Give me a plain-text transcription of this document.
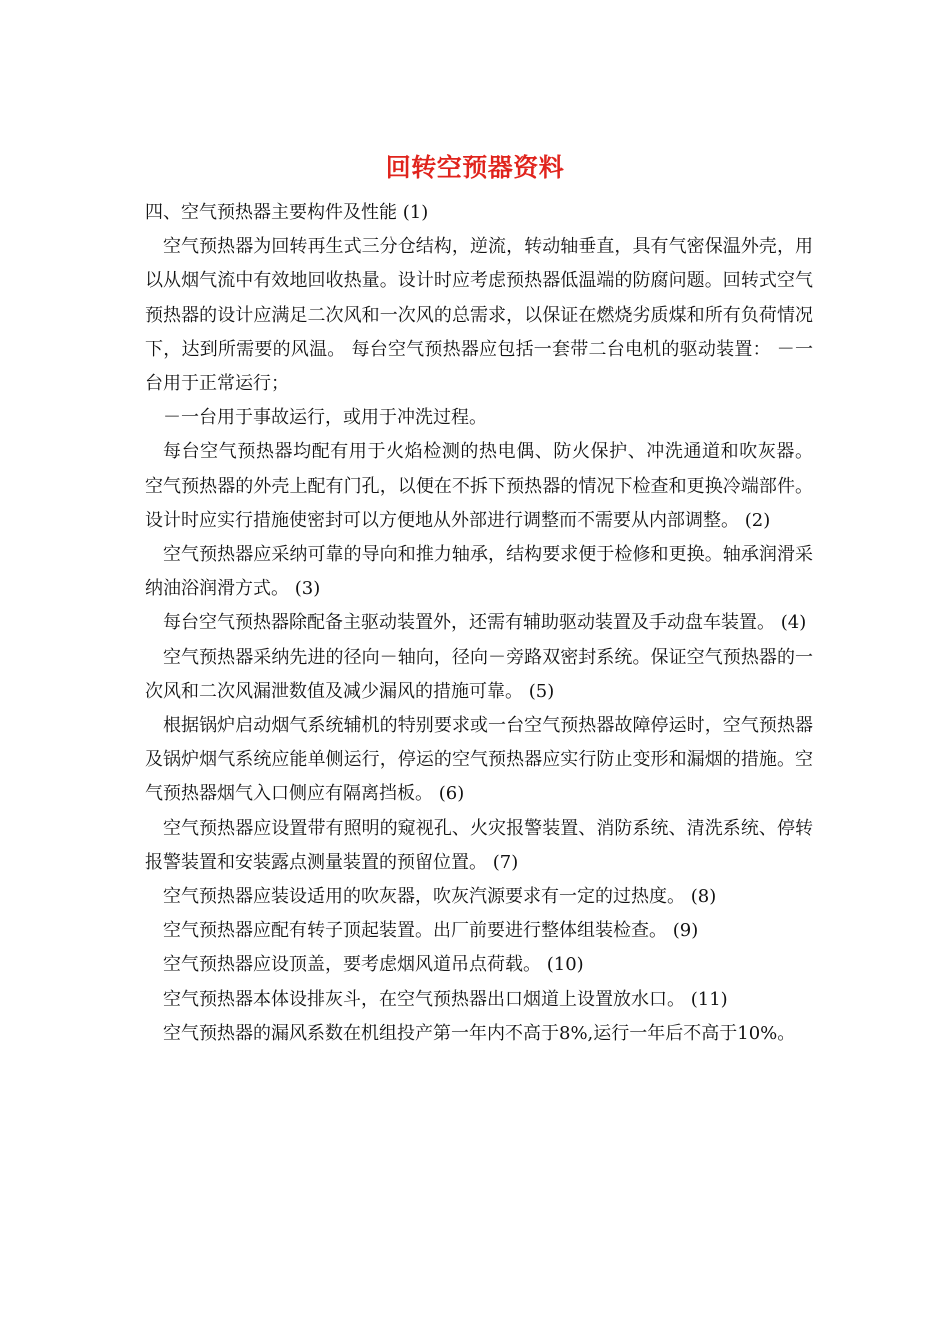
回转空预器资料

四、空气预热器主要构件及性能 (1)

空气预热器为回转再生式三分仓结构，逆流，转动轴垂直，具有气密保温外壳，用以从烟气流中有效地回收热量。设计时应考虑预热器低温端的防腐问题。回转式空气预热器的设计应满足二次风和一次风的总需求，以保证在燃烧劣质煤和所有负荷情况下，达到所需要的风温。 每台空气预热器应包括一套带二台电机的驱动装置： －一台用于正常运行；

－一台用于事故运行，或用于冲洗过程。

每台空气预热器均配有用于火焰检测的热电偶、防火保护、冲洗通道和吹灰器。 空气预热器的外壳上配有门孔，以便在不拆下预热器的情况下检查和更换冷端部件。 设计时应实行措施使密封可以方便地从外部进行调整而不需要从内部调整。 (2)

空气预热器应采纳可靠的导向和推力轴承，结构要求便于检修和更换。轴承润滑采纳油浴润滑方式。 (3)

每台空气预热器除配备主驱动装置外，还需有辅助驱动装置及手动盘车装置。 (4)

空气预热器采纳先进的径向－轴向，径向－旁路双密封系统。保证空气预热器的一次风和二次风漏泄数值及减少漏风的措施可靠。 (5)

根据锅炉启动烟气系统辅机的特别要求或一台空气预热器故障停运时，空气预热器及锅炉烟气系统应能单侧运行，停运的空气预热器应实行防止变形和漏烟的措施。空气预热器烟气入口侧应有隔离挡板。 (6)

空气预热器应设置带有照明的窥视孔、火灾报警装置、消防系统、清洗系统、停转报警装置和安装露点测量装置的预留位置。 (7)

空气预热器应装设适用的吹灰器，吹灰汽源要求有一定的过热度。 (8)

空气预热器应配有转子顶起装置。出厂前要进行整体组装检查。 (9)

空气预热器应设顶盖，要考虑烟风道吊点荷载。 (10)

空气预热器本体设排灰斗，在空气预热器出口烟道上设置放水口。 (11)

空气预热器的漏风系数在机组投产第一年内不高于8%,运行一年后不高于10%。
